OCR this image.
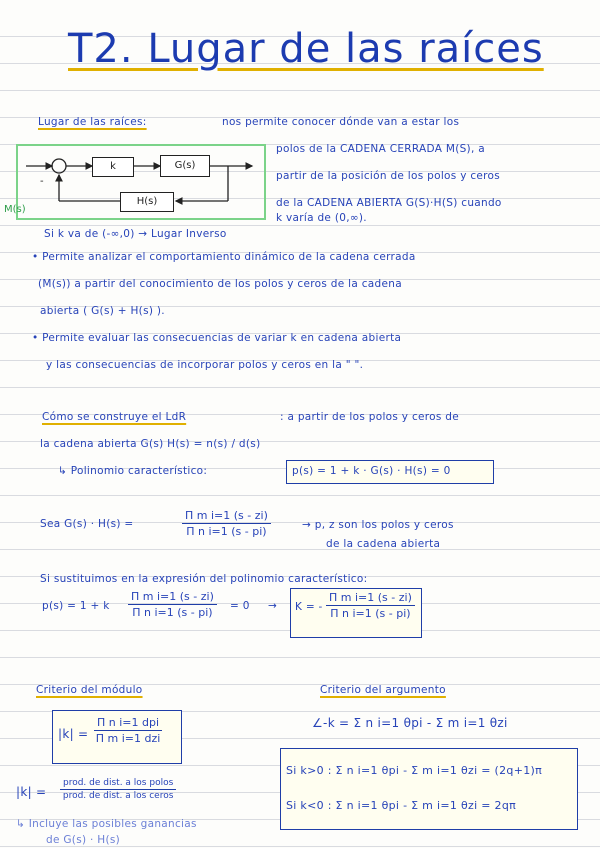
T2. Lugar de las raíces
Lugar de las raíces:	nos permite conocer dónde van a estar los
polos de la CADENA CERRADA M(S), a
partir de la posición de los polos y ceros
de la CADENA ABIERTA G(S)·H(S) cuando
k varía de (0,∞).
k	G(s)
H(s)
-
M(s)
Si k va de (-∞,0) → Lugar Inverso
• Permite analizar el comportamiento dinámico de la cadena cerrada
(M(s)) a partir del conocimiento de los polos y ceros de la cadena
abierta ( G(s) + H(s) ).
• Permite evaluar las consecuencias de variar k en cadena abierta
y las consecuencias de incorporar polos y ceros en la " ".
Cómo se construye el LdR	: a partir de los polos y ceros de
la cadena abierta G(s) H(s) = n(s) / d(s)
↳ Polinomio característico:	p(s) = 1 + k · G(s) · H(s) = 0
Sea G(s) · H(s) =	$\frac{\text{Π m i=1 (s - zi)}}{\text{Π n i=1 (s - pi)}}$	→ p, z son los polos y ceros
de la cadena abierta
Si sustituimos en la expresión del polinomio característico:
p(s) = 1 + k $\frac{\text{Π m i=1 (s - zi)}}{\text{Π n i=1 (s - pi)}} = 0 \to K$ = - $\frac{\text{Π m i=1 (s - zi)}}{\text{Π n i=1 (s - pi)}}$
Criterio del módulo
|k| =
Π n i=1 dpi
Π m i=1 dzi
|k| =
prod. de dist. a los polos
prod. de dist. a los ceros
↳ Incluye las posibles ganancias
de G(s) · H(s)
Criterio del argumento
∠-k = Σ n i=1 θpi - Σ m i=1 θzi
Si k>0 : Σ n i=1 θpi - Σ m i=1 θzi = (2q+1)π
Si k<0 : Σ n i=1 θpi - Σ m i=1 θzi = 2qπ
